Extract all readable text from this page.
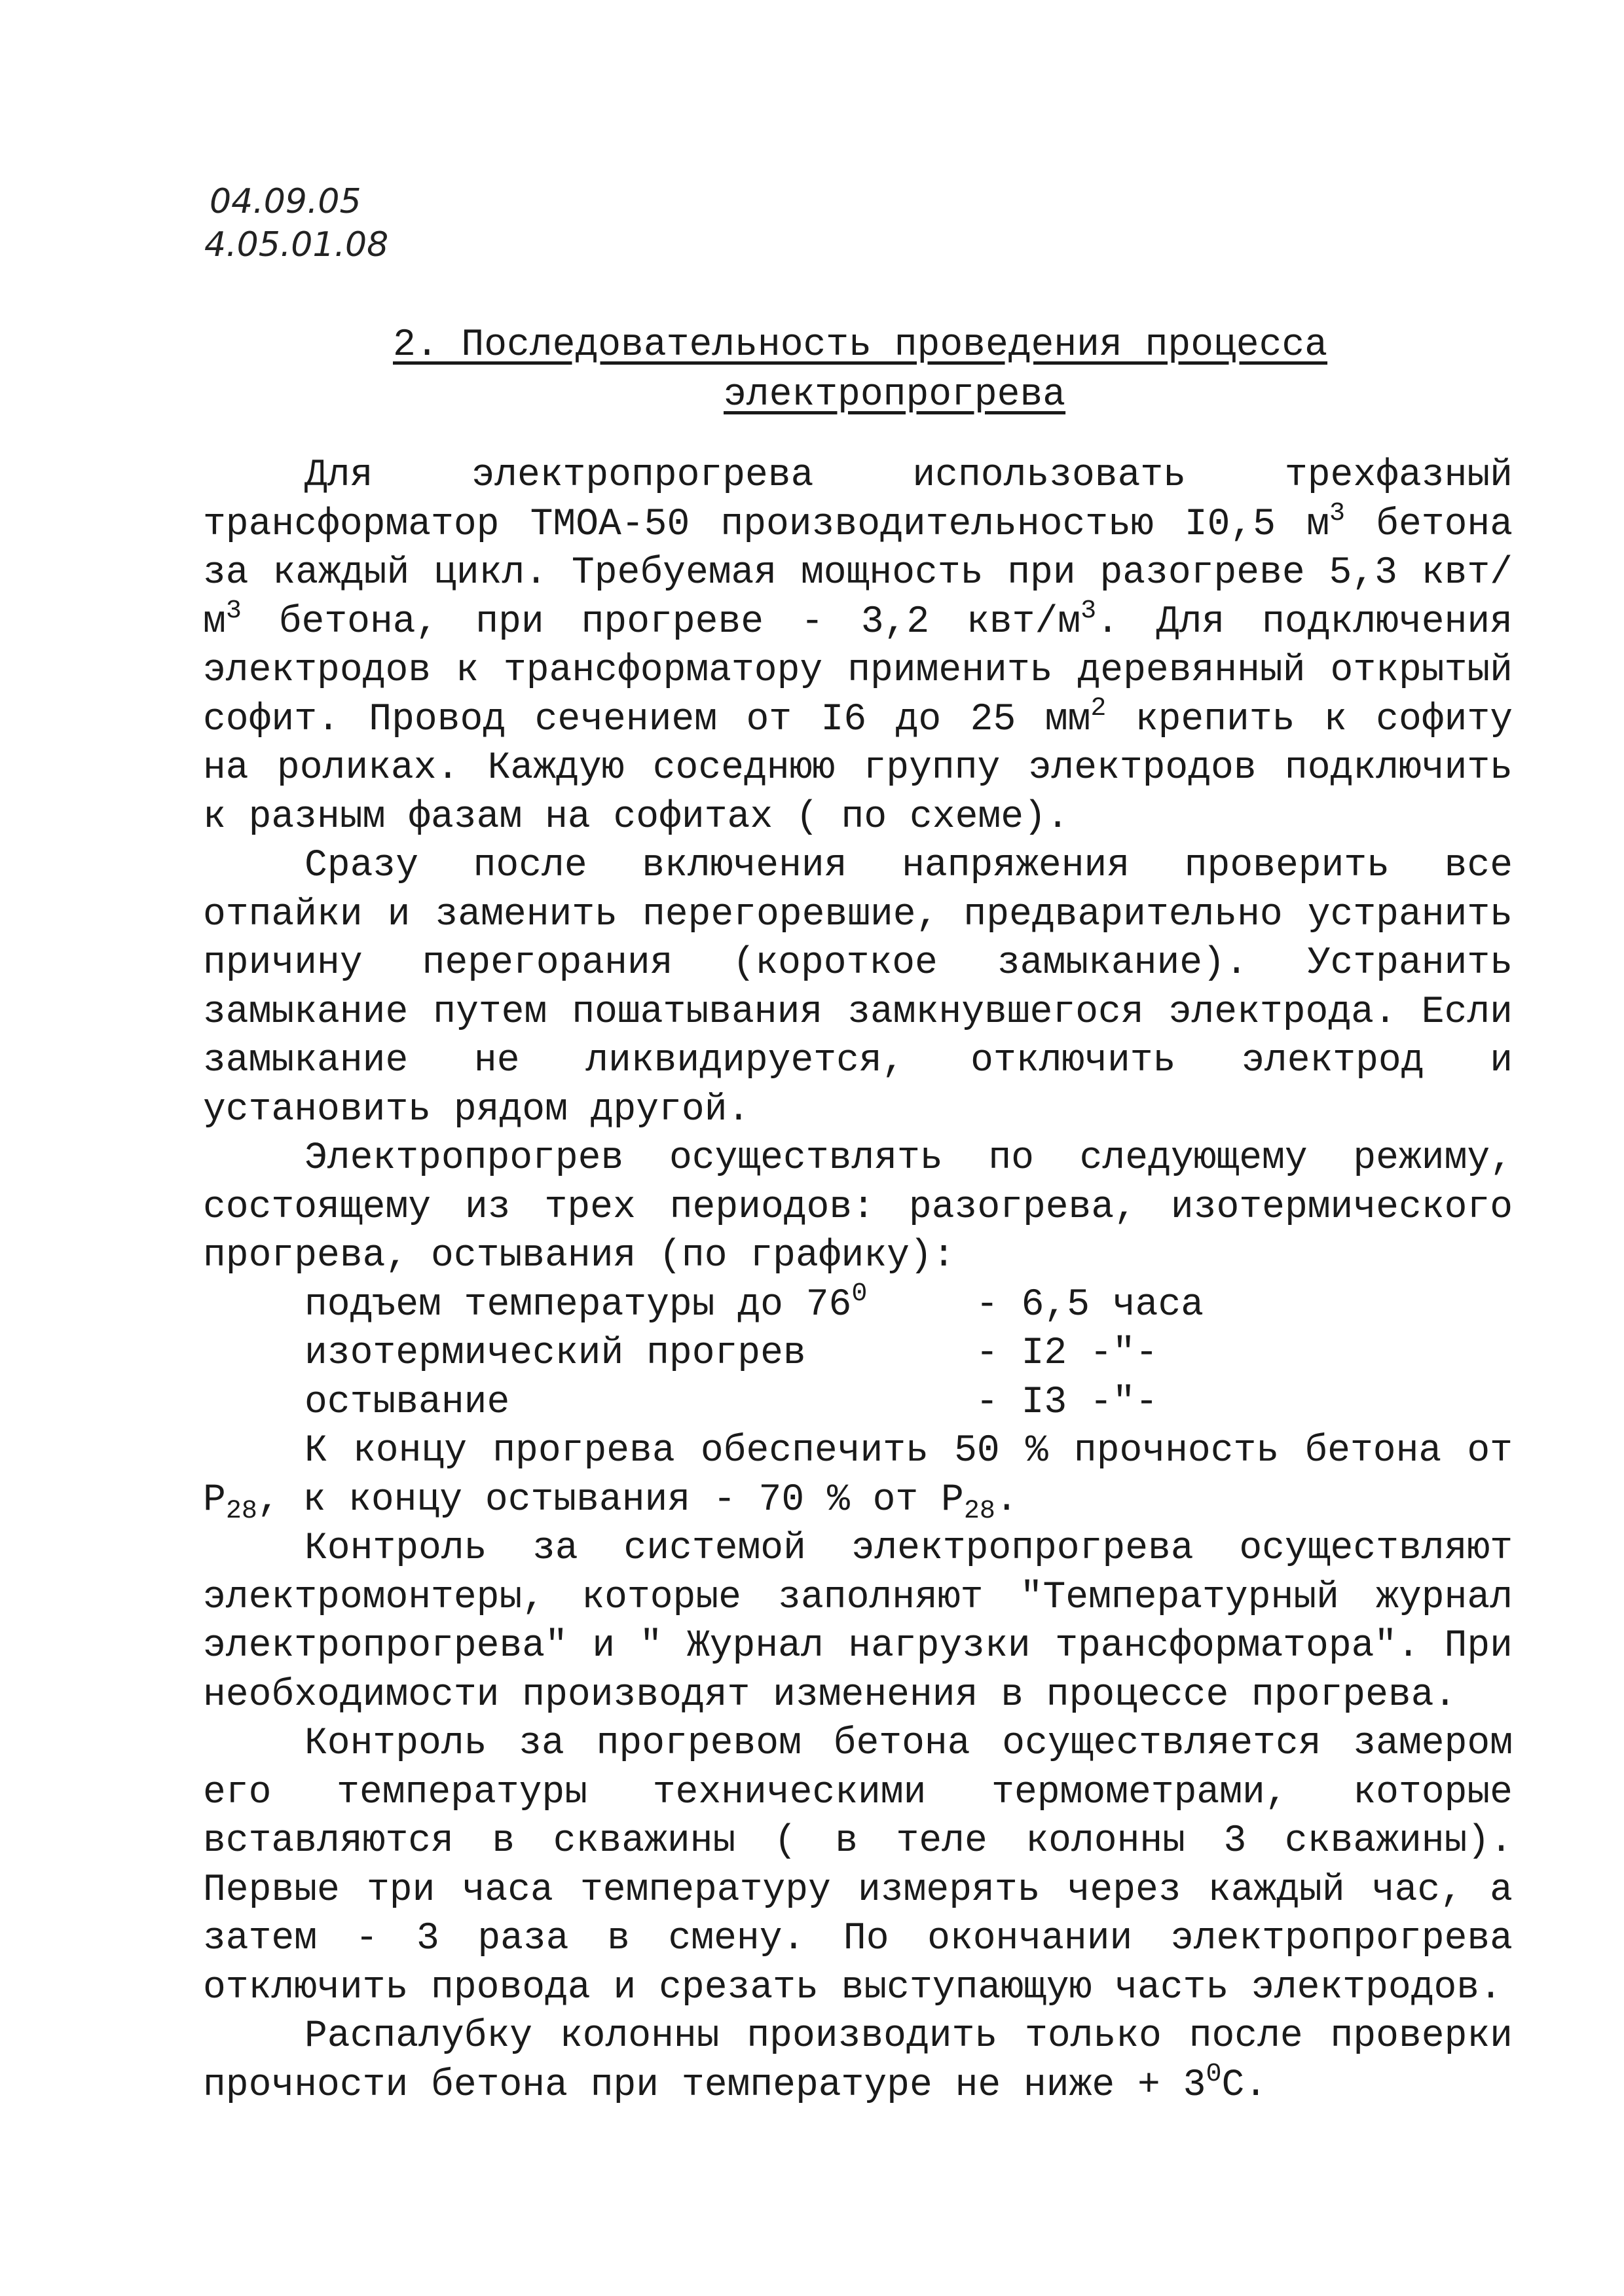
04.09.05
4.05.01.08
2. Последовательность проведения процесса
электропрогрева

Для электропрогрева использовать трехфазный трансформатор ТМОА-50 производительностью I0,5 $м^3$ бетона за каждый цикл. Требуемая мощность при разогреве 5,3 квт/$м^3$ бетона, при прогреве - 3,2 квт/$м^3$. Для подключения электродов к трансформатору применить деревянный открытый софит. Провод сечением от I6 до 25 $мм^2$ крепить к софиту на роликах. Каждую соседнюю группу электродов подключить к разным фазам на софитах ( по схеме).

Сразу после включения напряжения проверить все отпайки и заменить перегоревшие, предварительно устранить причину перегорания (короткое замыкание). Устранить замыкание путем пошатывания замкнувшегося электрода. Если замыкание не ликвидируется, отключить электрод и установить рядом другой.

Электропрогрев осуществлять по следующему режиму, состоящему из трех периодов: разогрева, изотермического прогрева, остывания (по графику):

подъем температуры до $76^0$	- 6,5 часа
изотермический прогрев	- I2 -"-
остывание	- I3 -"-

К концу прогрева обеспечить 50 % прочность бетона от $Р_{28}$, к концу остывания - 70 % от $Р_{28}$.

Контроль за системой электропрогрева осуществляют электромонтеры, которые заполняют "Температурный журнал электропрогрева" и " Журнал нагрузки трансформатора". При необходимости производят изменения в процессе прогрева.

Контроль за прогревом бетона осуществляется замером его температуры техническими термометрами, которые вставляются в скважины ( в теле колонны 3 скважины). Первые три часа температуру измерять через каждый час, а затем - 3 раза в смену. По окончании электропрогрева отключить провода и срезать выступающую часть электродов.

Распалубку колонны производить только после проверки прочности бетона при температуре не ниже + $3^0С$.
